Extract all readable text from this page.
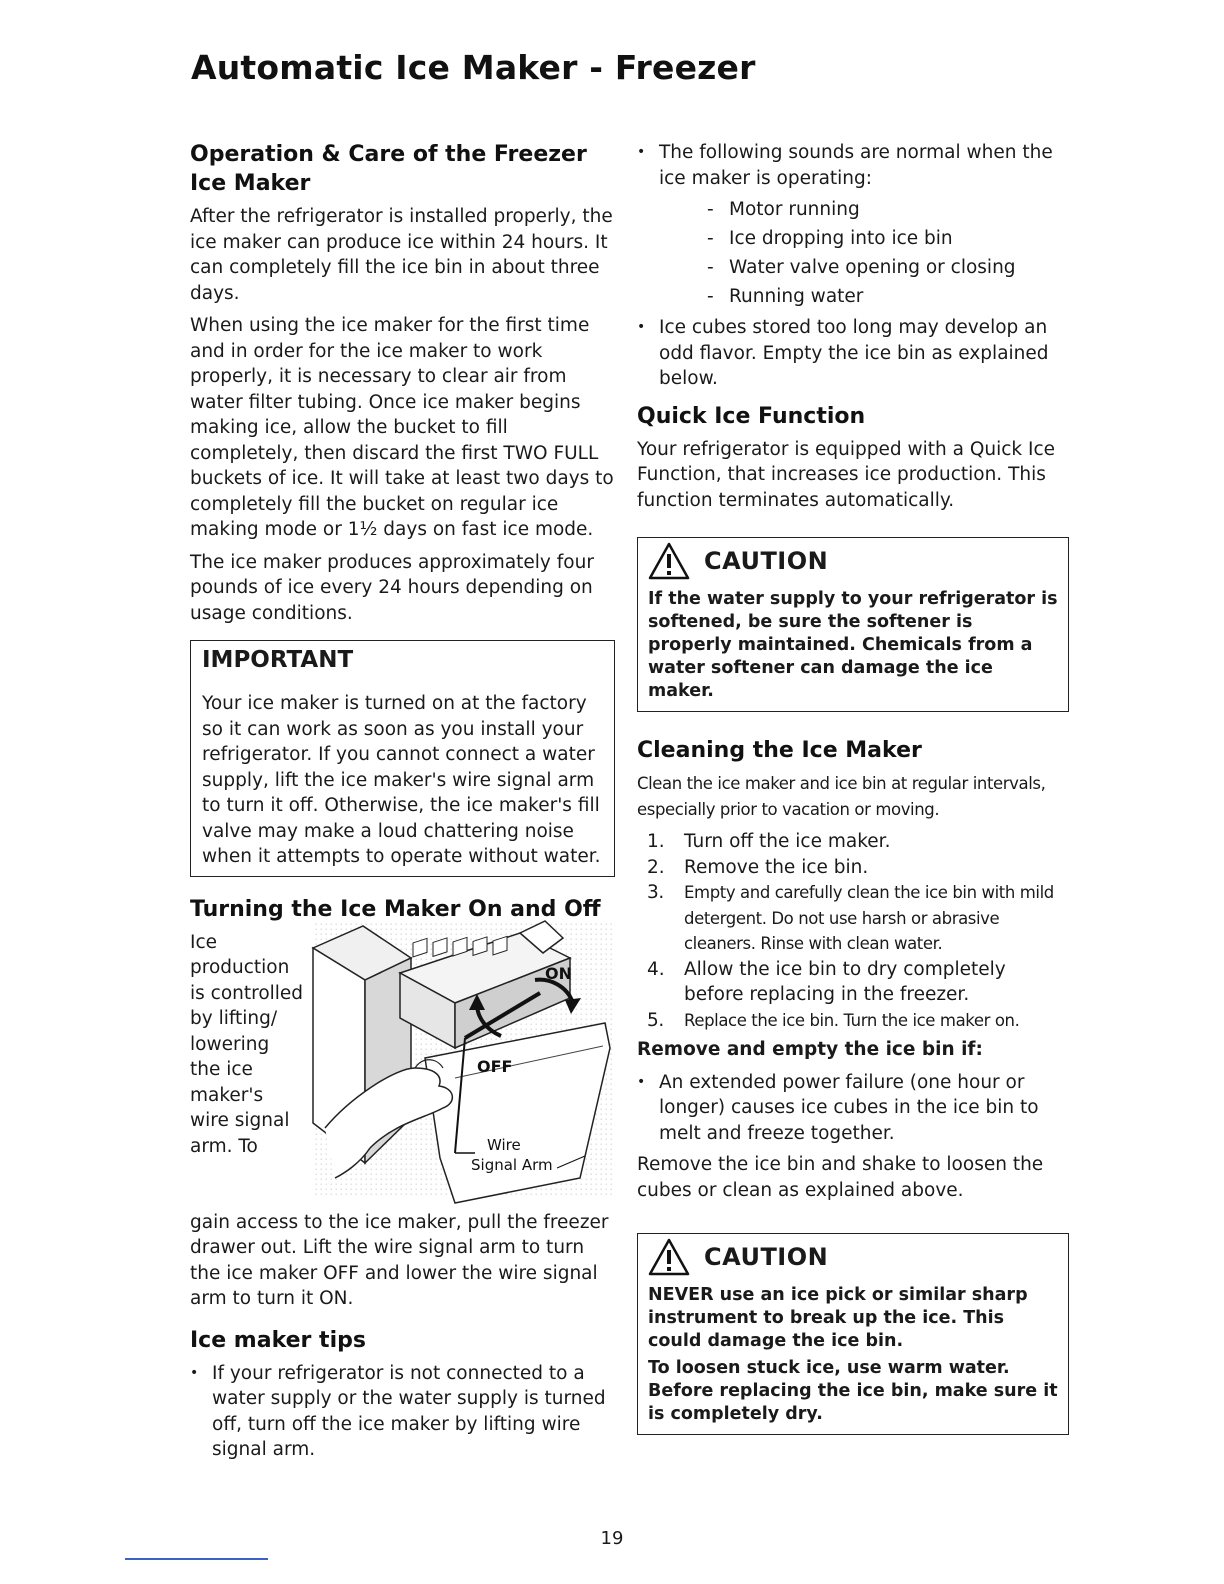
Automatic Ice Maker - Freezer
Operation & Care of the Freezer Ice Maker

After the refrigerator is installed properly, the ice maker can produce ice within 24 hours. It can completely fill the ice bin in about three days.

When using the ice maker for the first time and in order for the ice maker to work properly, it is necessary to clear air from water filter tubing. Once ice maker begins making ice, allow the bucket to fill completely, then discard the first TWO FULL buckets of ice. It will take at least two days to completely fill the bucket on regular ice making mode or 1½ days on fast ice mode.

The ice maker produces approximately four pounds of ice every 24 hours depending on usage conditions.

IMPORTANT

Your ice maker is turned on at the factory so it can work as soon as you install your refrigerator. If you cannot connect a water supply, lift the ice maker's wire signal arm to turn it off. Otherwise, the ice maker's fill valve may make a loud chattering noise when it attempts to operate without water.

Turning the Ice Maker On and Off
Ice production is controlled by lifting/ lowering the ice maker's wire signal arm. To
ON
OFF
Wire
Signal Arm

gain access to the ice maker, pull the freezer drawer out. Lift the wire signal arm to turn the ice maker OFF and lower the wire signal arm to turn it ON.

Ice maker tips
• If your refrigerator is not connected to a water supply or the water supply is turned off, turn off the ice maker by lifting wire signal arm.
• The following sounds are normal when the ice maker is operating:
- Motor running
- Ice dropping into ice bin
- Water valve opening or closing
- Running water
• Ice cubes stored too long may develop an odd flavor. Empty the ice bin as explained below.
Quick Ice Function

Your refrigerator is equipped with a Quick Ice Function, that increases ice production. This function terminates automatically.

CAUTION

If the water supply to your refrigerator is softened, be sure the softener is properly maintained. Chemicals from a water softener can damage the ice maker.

Cleaning the Ice Maker

Clean the ice maker and ice bin at regular intervals, especially prior to vacation or moving.

1. Turn off the ice maker.
2. Remove the ice bin.
3. Empty and carefully clean the ice bin with mild detergent. Do not use harsh or abrasive cleaners. Rinse with clean water.
4. Allow the ice bin to dry completely before replacing in the freezer.
5. Replace the ice bin. Turn the ice maker on.

Remove and empty the ice bin if:

• An extended power failure (one hour or longer) causes ice cubes in the ice bin to melt and freeze together.

Remove the ice bin and shake to loosen the cubes or clean as explained above.

CAUTION

NEVER use an ice pick or similar sharp instrument to break up the ice. This could damage the ice bin.

To loosen stuck ice, use warm water. Before replacing the ice bin, make sure it is completely dry.

19
